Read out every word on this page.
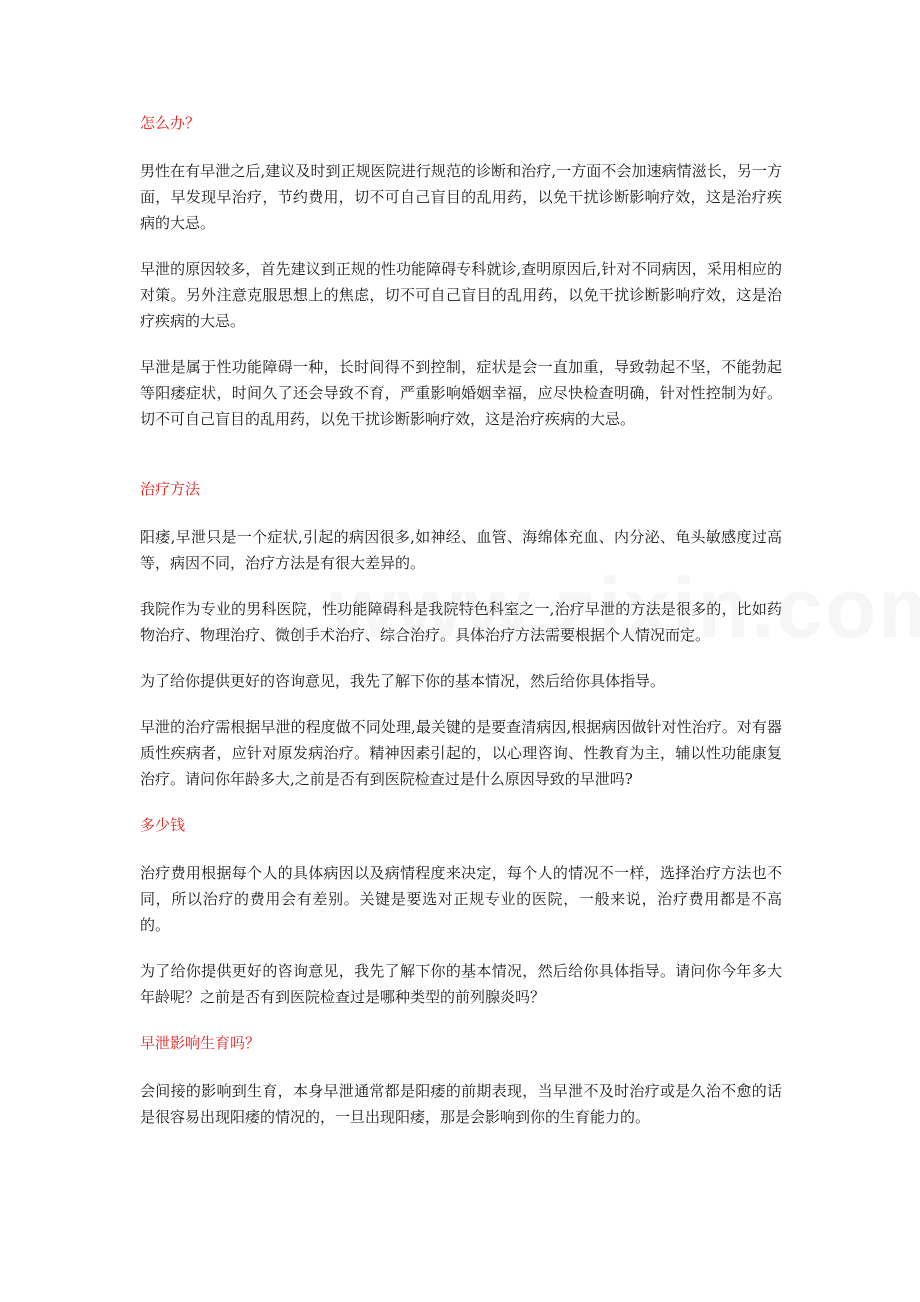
怎么办？

男性在有早泄之后,建议及时到正规医院进行规范的诊断和治疗,一方面不会加速病情滋长，另一方面，早发现早治疗，节约费用，切不可自己盲目的乱用药，以免干扰诊断影响疗效，这是治疗疾病的大忌。

早泄的原因较多，首先建议到正规的性功能障碍专科就诊,查明原因后,针对不同病因，采用相应的对策。另外注意克服思想上的焦虑，切不可自己盲目的乱用药，以免干扰诊断影响疗效，这是治疗疾病的大忌。

早泄是属于性功能障碍一种，长时间得不到控制，症状是会一直加重，导致勃起不坚，不能勃起等阳痿症状，时间久了还会导致不育，严重影响婚姻幸福，应尽快检查明确，针对性控制为好。切不可自己盲目的乱用药，以免干扰诊断影响疗效，这是治疗疾病的大忌。

治疗方法

阳痿,早泄只是一个症状,引起的病因很多,如神经、血管、海绵体充血、内分泌、龟头敏感度过高等，病因不同，治疗方法是有很大差异的。

我院作为专业的男科医院，性功能障碍科是我院特色科室之一,治疗早泄的方法是很多的，比如药物治疗、物理治疗、微创手术治疗、综合治疗。具体治疗方法需要根据个人情况而定。

为了给你提供更好的咨询意见，我先了解下你的基本情况，然后给你具体指导。

早泄的治疗需根据早泄的程度做不同处理,最关键的是要查清病因,根据病因做针对性治疗。对有器质性疾病者，应针对原发病治疗。精神因素引起的，以心理咨询、性教育为主，辅以性功能康复治疗。请问你年龄多大,之前是否有到医院检查过是什么原因导致的早泄吗?

多少钱

治疗费用根据每个人的具体病因以及病情程度来决定，每个人的情况不一样，选择治疗方法也不同，所以治疗的费用会有差别。关键是要选对正规专业的医院，一般来说，治疗费用都是不高的。

为了给你提供更好的咨询意见，我先了解下你的基本情况，然后给你具体指导。请问你今年多大年龄呢？之前是否有到医院检查过是哪种类型的前列腺炎吗？

早泄影响生育吗？

会间接的影响到生育，本身早泄通常都是阳痿的前期表现，当早泄不及时治疗或是久治不愈的话是很容易出现阳痿的情况的，一旦出现阳痿，那是会影响到你的生育能力的。
